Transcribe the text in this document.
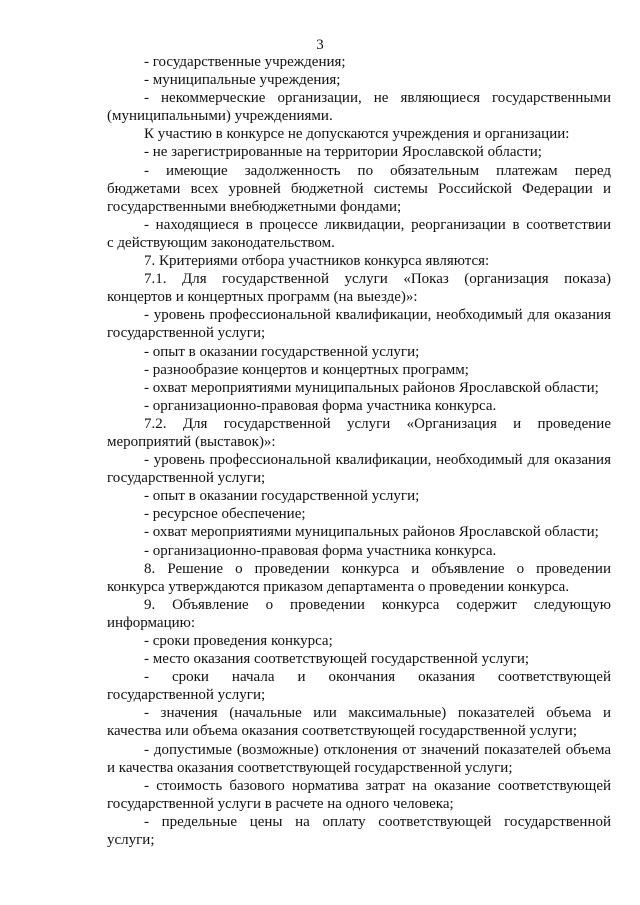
3
- государственные учреждения;
- муниципальные учреждения;
- некоммерческие организации, не являющиеся государственными
(муниципальными) учреждениями.
К участию в конкурсе не допускаются учреждения и организации:
- не зарегистрированные на территории Ярославской области;
- имеющие задолженность по обязательным платежам перед
бюджетами всех уровней бюджетной системы Российской Федерации и
государственными внебюджетными фондами;
- находящиеся в процессе ликвидации, реорганизации в соответствии
с действующим законодательством.
7. Критериями отбора участников конкурса являются:
7.1. Для государственной услуги «Показ (организация показа)
концертов и концертных программ (на выезде)»:
- уровень профессиональной квалификации, необходимый для оказания
государственной услуги;
- опыт в оказании государственной услуги;
- разнообразие концертов и концертных программ;
- охват мероприятиями муниципальных районов Ярославской области;
- организационно-правовая форма участника конкурса.
7.2. Для государственной услуги «Организация и проведение
мероприятий (выставок)»:
- уровень профессиональной квалификации, необходимый для оказания
государственной услуги;
- опыт в оказании государственной услуги;
- ресурсное обеспечение;
- охват мероприятиями муниципальных районов Ярославской области;
- организационно-правовая форма участника конкурса.
8. Решение о проведении конкурса и объявление о проведении
конкурса утверждаются приказом департамента о проведении конкурса.
9. Объявление о проведении конкурса содержит следующую
информацию:
- сроки проведения конкурса;
- место оказания соответствующей государственной услуги;
- сроки начала и окончания оказания соответствующей
государственной услуги;
- значения (начальные или максимальные) показателей объема и
качества или объема оказания соответствующей государственной услуги;
- допустимые (возможные) отклонения от значений показателей объема
и качества оказания соответствующей государственной услуги;
- стоимость базового норматива затрат на оказание соответствующей
государственной услуги в расчете на одного человека;
- предельные цены на оплату соответствующей государственной
услуги;
